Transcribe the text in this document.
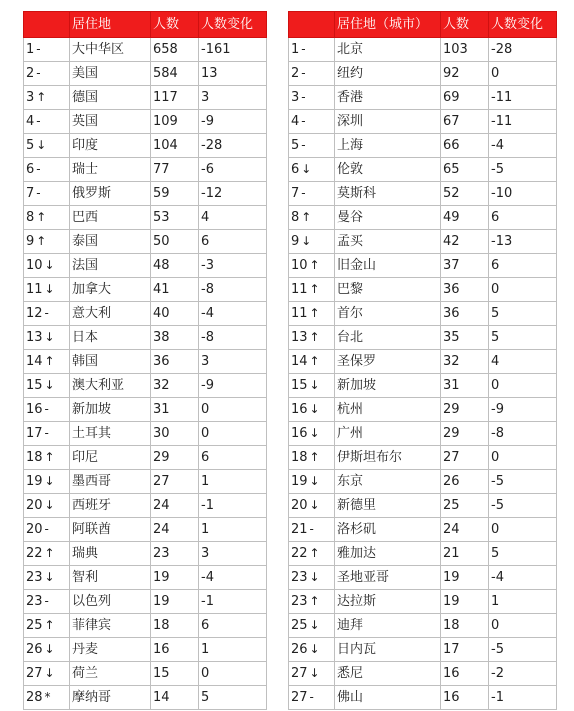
	居住地	人数	人数变化
1 -	大中华区	658	-161
2 -	美国	584	13
3 ↑	德国	117	3
4 -	英国	109	-9
5 ↓	印度	104	-28
6 -	瑞士	77	-6
7 -	俄罗斯	59	-12
8 ↑	巴西	53	4
9 ↑	泰国	50	6
10 ↓	法国	48	-3
11 ↓	加拿大	41	-8
12 -	意大利	40	-4
13 ↓	日本	38	-8
14 ↑	韩国	36	3
15 ↓	澳大利亚	32	-9
16 -	新加坡	31	0
17 -	土耳其	30	0
18 ↑	印尼	29	6
19 ↓	墨西哥	27	1
20 ↓	西班牙	24	-1
20 -	阿联酋	24	1
22 ↑	瑞典	23	3
23 ↓	智利	19	-4
23 -	以色列	19	-1
25 ↑	菲律宾	18	6
26 ↓	丹麦	16	1
27 ↓	荷兰	15	0
28 *	摩纳哥	14	5
	居住地（城市）	人数	人数变化
1 -	北京	103	-28
2 -	纽约	92	0
3 -	香港	69	-11
4 -	深圳	67	-11
5 -	上海	66	-4
6 ↓	伦敦	65	-5
7 -	莫斯科	52	-10
8 ↑	曼谷	49	6
9 ↓	孟买	42	-13
10 ↑	旧金山	37	6
11 ↑	巴黎	36	0
11 ↑	首尔	36	5
13 ↑	台北	35	5
14 ↑	圣保罗	32	4
15 ↓	新加坡	31	0
16 ↓	杭州	29	-9
16 ↓	广州	29	-8
18 ↑	伊斯坦布尔	27	0
19 ↓	东京	26	-5
20 ↓	新德里	25	-5
21 -	洛杉矶	24	0
22 ↑	雅加达	21	5
23 ↓	圣地亚哥	19	-4
23 ↑	达拉斯	19	1
25 ↓	迪拜	18	0
26 ↓	日内瓦	17	-5
27 ↓	悉尼	16	-2
27 -	佛山	16	-1
